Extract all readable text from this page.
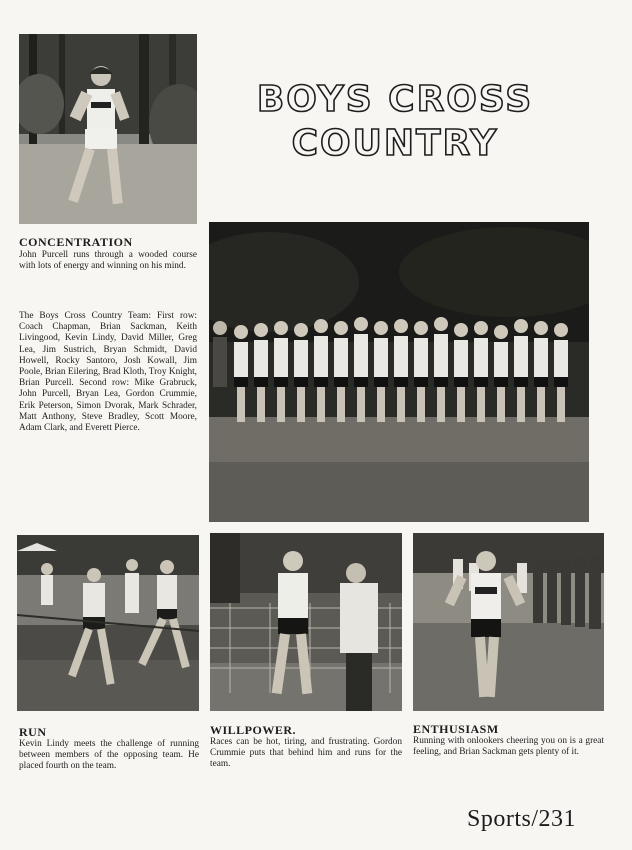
BOYS CROSS
COUNTRY
CONCENTRATION

John Purcell runs through a wooded course with lots of energy and winning on his mind.

The Boys Cross Country Team: First row: Coach Chapman, Brian Sackman, Keith Livingood, Kevin Lindy, David Miller, Greg Lea, Jim Sustrich, Bryan Schmidt, David Howell, Rocky Santoro, Josh Kowall, Jim Poole, Brian Eilering, Brad Kloth, Troy Knight, Brian Purcell. Second row: Mike Grabruck, John Purcell, Bryan Lea, Gordon Crummie, Erik Peterson, Simon Dvorak, Mark Schrader, Matt Anthony, Steve Bradley, Scott Moore, Adam Clark, and Everett Pierce.

RUN

Kevin Lindy meets the challenge of running between members of the opposing team. He placed fourth on the team.

WILLPOWER.

Races can be hot, tiring, and frustrating. Gordon Crummie puts that behind him and runs for the team.

ENTHUSIASM

Running with onlookers cheering you on is a great feeling, and Brian Sackman gets plenty of it.

Sports/231
